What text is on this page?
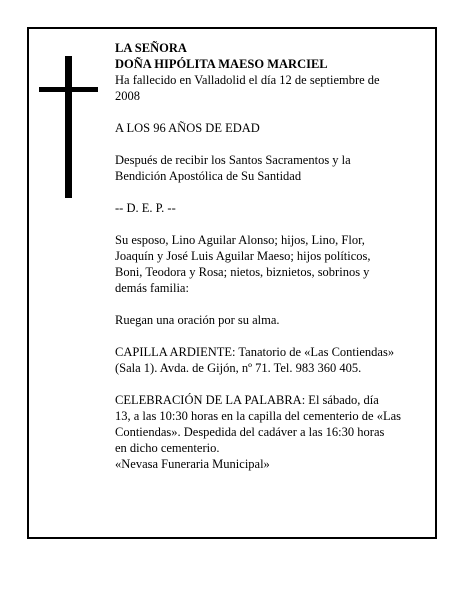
LA SEÑORA
DOÑA HIPÓLITA MAESO MARCIEL

Ha fallecido en Valladolid el día 12 de septiembre de
2008

A LOS 96 AÑOS DE EDAD

Después de recibir los Santos Sacramentos y la
Bendición Apostólica de Su Santidad

-- D. E. P. --

Su esposo, Lino Aguilar Alonso; hijos, Lino, Flor,
Joaquín y José Luis Aguilar Maeso; hijos políticos,
Boni, Teodora y Rosa; nietos, biznietos, sobrinos y
demás familia:

Ruegan una oración por su alma.

CAPILLA ARDIENTE: Tanatorio de «Las Contiendas»
(Sala 1). Avda. de Gijón, nº 71. Tel. 983 360 405.

CELEBRACIÓN DE LA PALABRA: El sábado, día
13, a las 10:30 horas en la capilla del cementerio de «Las
Contiendas». Despedida del cadáver a las 16:30 horas
en dicho cementerio.
«Nevasa Funeraria Municipal»
